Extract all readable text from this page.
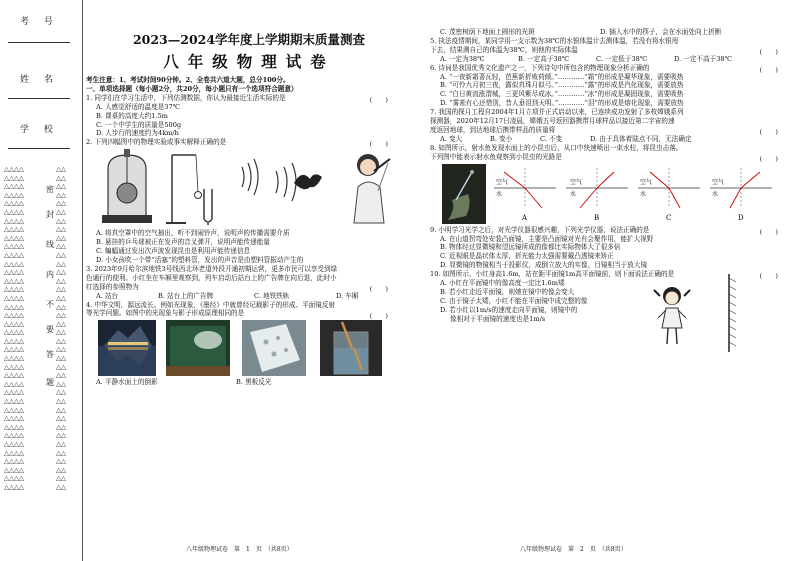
考 号
姓 名
学 校
△△△△
△△△△
△△△△
△△△△
△△△△
△△△△
△△△△
△△△△
△△△△
△△△△
△△△△
△△△△
△△△△
△△△△
△△△△
△△△△
△△△△
△△△△
△△△△
△△△△
△△△△
△△△△
△△△△
△△△△
△△△△
△△△△
△△△△
△△△△
△△△△
△△△△
△△△△
△△△△
△△△△
△△△△
△△△△
△△△△
△△△△
△△△△

△△
△△
△△
△△
△△
△△
△△
△△
△△
△△
△△
△△
△△
△△
△△
△△
△△
△△
△△
△△
△△
△△
△△
△△
△△
△△
△△
△△
△△
△△
△△
△△
△△
△△
△△
△△
△△
△△

密
封
线
内
不
要
答
题
2023—2024学年度上学期期末质量测查
八年级物理试卷
考生注意：1、考试时间90分钟。2、全卷共六道大题，总分100分。
一、单项选择题（每小题2分，共20分，每小题只有一个选项符合题意）
1. 同学们在学习生活中，下列估测数据，你认为最接近生活实际的是	(　　)
A. 人感觉舒适的温度是37℃
B. 课桌的高度大约1.5m
C. 一个中学生的质量是500g
D. 人步行的速度约为4km/h
2. 下列四幅图中的物理实验或事实解释正确的是	(　　)
A. 将真空罩中的空气抽出，听不到闹铃声，说明声的传播需要介质
B. 悬挂的乒乓球被正在发声的音叉弹开，说明声能传递能量
C. 蝙蝠通过发出次声波发现昆虫是利用声能传递信息
D. 小女孩吹一个带“活塞”的塑料管，发出的声音是由塑料管振动产生的
3. 2023年9月哈尔滨地铁3号线西北环老道外段开通初期运营，更多市民可以享受到绿
色通行的便利。小红坐在车厢里观察到，列车启动后站台上的广告牌在向后退，此时小
红选择的参照物为	(　　)
A. 站台	B. 站台上的广告牌	C. 地铁铁轨	D. 车厢
4. 中华文明，源远流长。例如光现象，《墨经》中就曾经记载影子的形成、平面镜反射
等光学问题。如图中的光现象与影子形成原理相同的是	(　　)
A. 平静水面上的倒影	B. 黑板反光
八年级物理试卷　第　1　页　（共8页）
C. 茂密树荫下地面上圆形的光斑	D. 插入水中的筷子，会在水面处向上折断
5. 执法疫情期间，某同学用一支示数为38℃的水银体温计去测体温，若没有将水银甩
下去，结果测自己的体温为38℃，则他的实际体温	(　　)
A. 一定为38℃	B. 一定高于38℃	C. 一定低于38℃	D. 一定不高于38℃
6. 诗词是我国优秀文化遗产之一，下列诗句中所包含的物理现象分析正确的	(　　)
A. “一夜新霜著瓦轻，芭蕉新折败荷倾。”…………“霜”的形成是凝华现象，需要吸热
B. “可怜九月初三夜，露似真珠月似弓。”…………“露”的形成是汽化现象，需要放热
C. “白日黄流涨渭城，三更风紫尽成冰。”…………“冰”的形成是凝固现象，需要吸热
D. “雾凇有心还惜别，昔人垂泪到天明。”…………“泪”的形成是熔化现象，需要放热
7. 我国的探月工程自2004年1月立项并正式启动以来，已连续成功发射了多枚嫦娥系列
探测器，2020年12月17日凌晨，嫦娥五号返回器携带月球样品以接近第二宇宙的速
度返回地球，到达地球后携带样品的质量将	(　　)
A. 变大	B. 变小	C. 不变	D. 由于具体着陆点不同，无法确定
8. 如图所示，射水鱼发现水面上的小昆虫后，从口中快速喷出一束水柱，将昆虫击落。
下列图中能表示射水鱼观察到小昆虫的光路是	(　　)
空气
水
A
空气
水
B
空气
水
C
空气
水
D
9. 小明学习光学之后，对光学仪器很感兴趣，下列光学仪器，说法正确的是	(　　)
A. 在山道拐弯处安装凸面镜，主要是凸面镜对光有会聚作用，能扩大视野
B. 物体经过显微镜和望远镜所成的像都比实际物体大了很多倍
C. 近视眼是晶状体太厚，折光能力太强需要戴凸透镜来矫正
D. 显微镜的物镜相当于投影仪，成倒立放大的实像，目镜相当于放大镜
10. 如图所示，小红身高1.6m，站在距平面镜1m高平面镜前，则下面说法正确的是	(　　)
A. 小红在平面镜中的像高度一定比1.6m矮
B. 若小红走近平面镜，则她在镜中的像会变大
C. 由于镜子太矮，小红不能在平面镜中成完整的像
D. 若小红以1m/s的速度走向平面镜，则镜中的
像相对于平面镜的速度也是1m/s
八年级物理试卷　第　2　页　（共8页）
